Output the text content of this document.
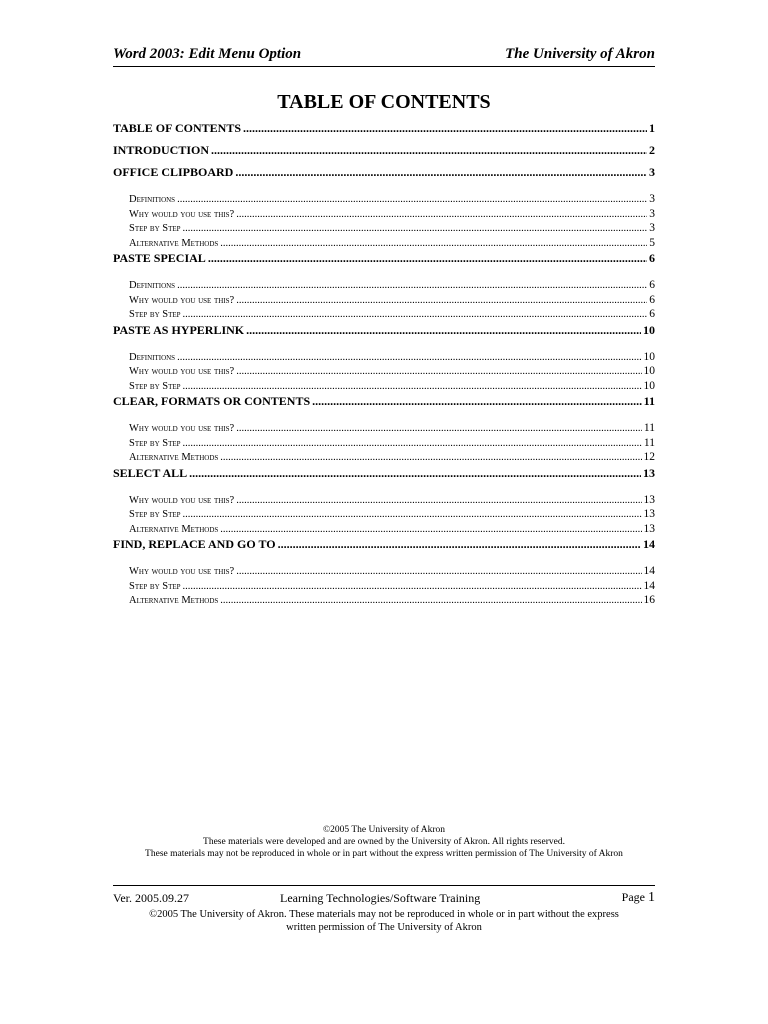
Word 2003: Edit Menu Option	The University of Akron
TABLE OF CONTENTS
TABLE OF CONTENTS .....	1
INTRODUCTION .....	2
OFFICE CLIPBOARD .....	3
Definitions .....	3
Why would you use this? .....	3
Step by Step .....	3
Alternative Methods .....	5
PASTE SPECIAL .....	6
Definitions .....	6
Why would you use this? .....	6
Step by Step .....	6
PASTE AS HYPERLINK .....	10
Definitions .....	10
Why would you use this? .....	10
Step by Step .....	10
CLEAR, FORMATS OR CONTENTS .....	11
Why would you use this? .....	11
Step by Step .....	11
Alternative Methods .....	12
SELECT ALL .....	13
Why would you use this? .....	13
Step by Step .....	13
Alternative Methods .....	13
FIND, REPLACE AND GO TO .....	14
Why would you use this? .....	14
Step by Step .....	14
Alternative Methods .....	16
©2005 The University of Akron
These materials were developed and are owned by the University of Akron. All rights reserved.
These materials may not be reproduced in whole or in part without the express written permission of The University of Akron
Ver. 2005.09.27	Learning Technologies/Software Training	Page 1
©2005 The University of Akron. These materials may not be reproduced in whole or in part without the express
written permission of The University of Akron
